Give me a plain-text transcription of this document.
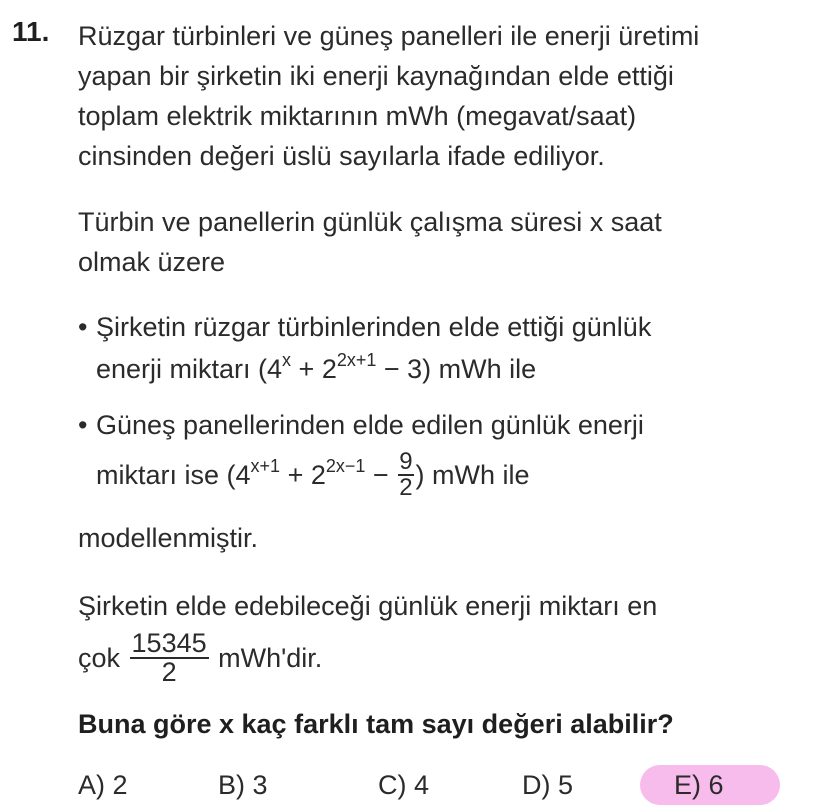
11. Rüzgar türbinleri ve güneş panelleri ile enerji üretimi
yapan bir şirketin iki enerji kaynağından elde ettiği
toplam elektrik miktarının mWh (megavat/saat)
cinsinden değeri üslü sayılarla ifade ediliyor.
Türbin ve panellerin günlük çalışma süresi x saat
olmak üzere
• Şirketin rüzgar türbinlerinden elde ettiği günlük
enerji miktarı $(4^x + 2^{2x+1} - 3)$ mWh ile
• Güneş panellerinden elde edilen günlük enerji
miktarı ise ($4^{x+1} + 2^{2x-1} - \frac{9}{2}$ ) mWh ile
modellenmiştir.
Şirketin elde edebileceği günlük enerji miktarı en
çok $\frac{15345}{2} mWh'dir$.
Buna göre x kaç farklı tam sayı değeri alabilir?
A) 2	B) 3	C) 4	D) 5	E) 6
